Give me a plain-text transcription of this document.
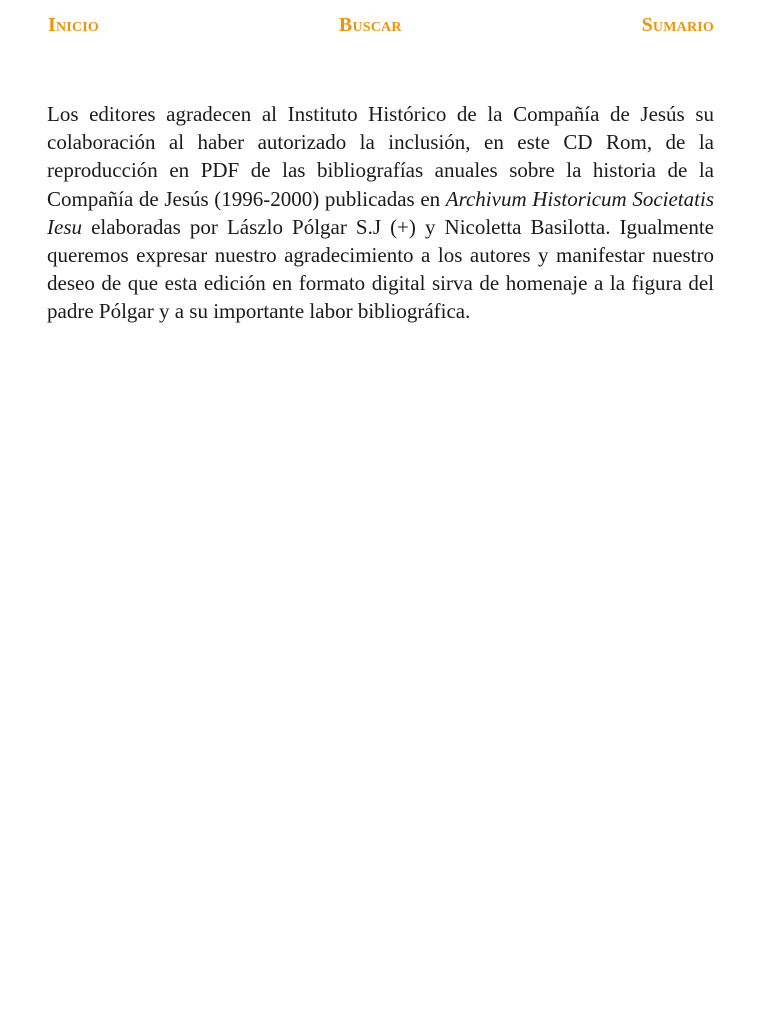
Inicio	Buscar	Sumario

Los editores agradecen al Instituto Histórico de la Compañía de Jesús su colaboración al haber autorizado la inclusión, en este CD Rom, de la reproducción en PDF de las bibliografías anuales sobre la historia de la Compañía de Jesús (1996-2000) publicadas en Archivum Historicum Societatis Iesu elaboradas por Lászlo Pólgar S.J (+) y Nicoletta Basilotta. Igualmente queremos expresar nuestro agradecimiento a los autores y manifestar nuestro deseo de que esta edición en formato digital sirva de homenaje a la figura del padre Pólgar y a su importante labor bibliográfica.
